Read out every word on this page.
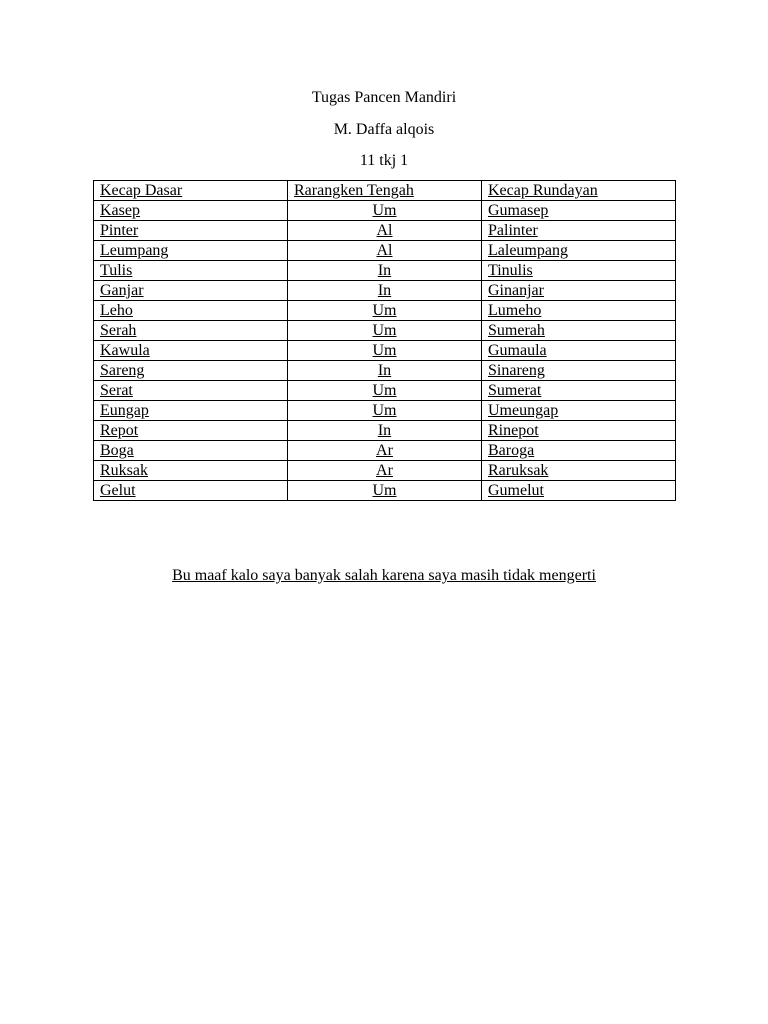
Tugas Pancen Mandiri
M. Daffa alqois
11 tkj 1
Kecap Dasar	Rarangken Tengah	Kecap Rundayan
Kasep	Um	Gumasep
Pinter	Al	Palinter
Leumpang	Al	Laleumpang
Tulis	In	Tinulis
Ganjar	In	Ginanjar
Leho	Um	Lumeho
Serah	Um	Sumerah
Kawula	Um	Gumaula
Sareng	In	Sinareng
Serat	Um	Sumerat
Eungap	Um	Umeungap
Repot	In	Rinepot
Boga	Ar	Baroga
Ruksak	Ar	Raruksak
Gelut	Um	Gumelut
Bu maaf kalo saya banyak salah karena saya masih tidak mengerti
